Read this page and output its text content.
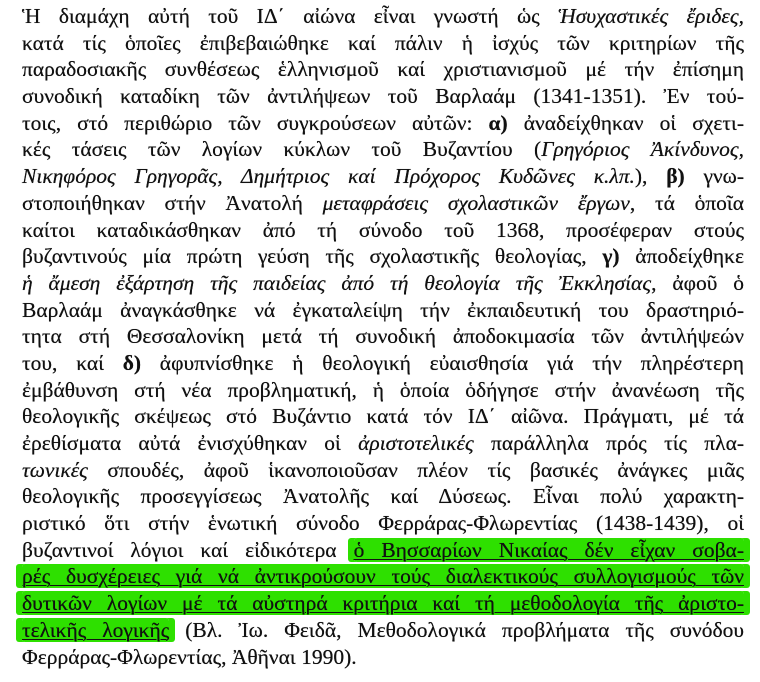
Ἡ διαμάχη αὐτή τοῦ ΙΔ΄ αἰώνα εἶναι γνωστή ὡς Ἡσυχαστικές ἔριδες,
κατά τίς ὁποῖες ἐπιβεβαιώθηκε καί πάλιν ἡ ἰσχύς τῶν κριτηρίων τῆς
παραδοσιακῆς συνθέσεως ἑλληνισμοῦ καί χριστιανισμοῦ μέ τήν ἐπίσημη
συνοδική καταδίκη τῶν ἀντιλήψεων τοῦ Βαρλαάμ (1341-1351). Ἐν τού-
τοις, στό περιθώριο τῶν συγκρούσεων αὐτῶν: α) ἀναδείχθηκαν οἱ σχετι-
κές τάσεις τῶν λογίων κύκλων τοῦ Βυζαντίου (Γρηγόριος Ἀκίνδυνος,
Νικηφόρος Γρηγορᾶς, Δημήτριος καί Πρόχορος Κυδῶνες κ.λπ.), β) γνω-
στοποιήθηκαν στήν Ἀνατολή μεταφράσεις σχολαστικῶν ἔργων, τά ὁποῖα
καίτοι καταδικάσθηκαν ἀπό τή σύνοδο τοῦ 1368, προσέφεραν στούς
βυζαντινούς μία πρώτη γεύση τῆς σχολαστικῆς θεολογίας, γ) ἀποδείχθηκε
ἡ ἄμεση ἐξάρτηση τῆς παιδείας ἀπό τή θεολογία τῆς Ἐκκλησίας, ἀφοῦ ὁ
Βαρλαάμ ἀναγκάσθηκε νά ἐγκαταλείψη τήν ἐκπαιδευτική του δραστηριό-
τητα στή Θεσσαλονίκη μετά τή συνοδική ἀποδοκιμασία τῶν ἀντιλήψεών
του, καί δ) ἀφυπνίσθηκε ἡ θεολογική εὐαισθησία γιά τήν πληρέστερη
ἐμβάθυνση στή νέα προβληματική, ἡ ὁποία ὁδήγησε στήν ἀνανέωση τῆς
θεολογικῆς σκέψεως στό Βυζάντιο κατά τόν ΙΔ΄ αἰῶνα. Πράγματι, μέ τά
ἐρεθίσματα αὐτά ἐνισχύθηκαν οἱ ἀριστοτελικές παράλληλα πρός τίς πλα-
τωνικές σπουδές, ἀφοῦ ἱκανοποιοῦσαν πλέον τίς βασικές ἀνάγκες μιᾶς
θεολογικῆς προσεγγίσεως Ἀνατολῆς καί Δύσεως. Εἶναι πολύ χαρακτη-
ριστικό ὅτι στήν ἑνωτική σύνοδο Φερράρας-Φλωρεντίας (1438-1439), οἱ
βυζαντινοί λόγιοι καί εἰδικότερα ὁ Βησσαρίων Νικαίας δέν εἶχαν σοβα-
ρές δυσχέρειες γιά νά ἀντικρούσουν τούς διαλεκτικούς συλλογισμούς τῶν
δυτικῶν λογίων μέ τά αὐστηρά κριτήρια καί τή μεθοδολογία τῆς ἀριστο-
τελικῆς λογικῆς (Βλ. Ἰω. Φειδᾶ, Μεθοδολογικά προβλήματα τῆς συνόδου
Φερράρας-Φλωρεντίας, Ἀθῆναι 1990).
